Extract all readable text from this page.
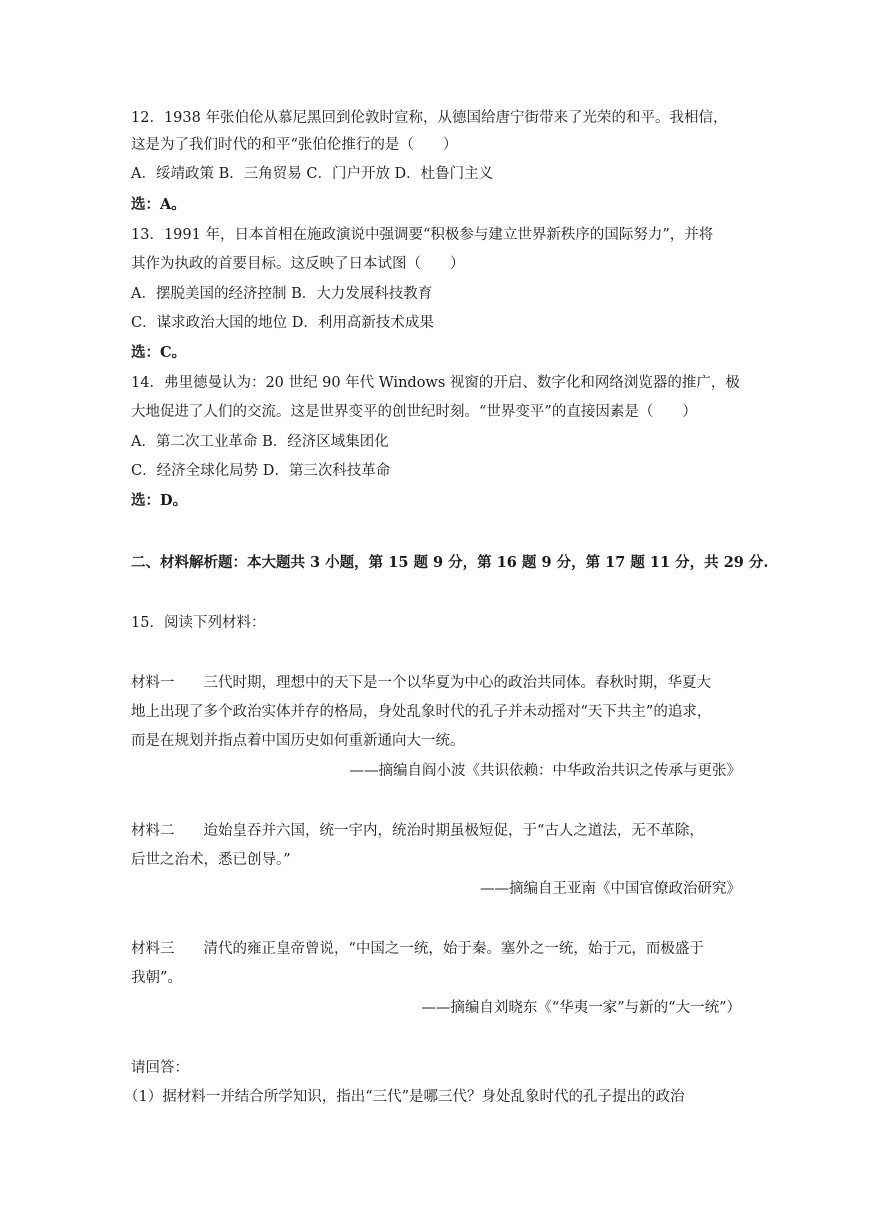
12．1938 年张伯伦从慕尼黑回到伦敦时宣称，从德国给唐宁街带来了光荣的和平。我相信，
这是为了我们时代的和平“张伯伦推行的是（　　）
A．绥靖政策 B．三角贸易 C．门户开放 D．杜鲁门主义
选：A。
13．1991 年，日本首相在施政演说中强调要“积极参与建立世界新秩序的国际努力”，并将
其作为执政的首要目标。这反映了日本试图（　　）
A．摆脱美国的经济控制 B．大力发展科技教育
C．谋求政治大国的地位 D．利用高新技术成果
选：C。
14．弗里德曼认为：20 世纪 90 年代 Windows 视窗的开启、数字化和网络浏览器的推广，极
大地促进了人们的交流。这是世界变平的创世纪时刻。“世界变平”的直接因素是（　　）
A．第二次工业革命 B．经济区域集团化
C．经济全球化局势 D．第三次科技革命
选：D。
二、材料解析题：本大题共 3 小题，第 15 题 9 分，第 16 题 9 分，第 17 题 11 分，共 29 分.
15．阅读下列材料：
材料一　　三代时期，理想中的天下是一个以华夏为中心的政治共同体。春秋时期，华夏大
地上出现了多个政治实体并存的格局，身处乱象时代的孔子并未动摇对“天下共主”的追求，
而是在规划并指点着中国历史如何重新通向大一统。
——摘编自阎小波《共识依赖：中华政治共识之传承与更张》
材料二　　迨始皇吞并六国，统一宇内，统治时期虽极短促，于“古人之道法，无不革除，
后世之治术，悉已创导。”
——摘编自王亚南《中国官僚政治研究》
材料三　　清代的雍正皇帝曾说，“中国之一统，始于秦。塞外之一统，始于元，而极盛于
我朝”。
——摘编自刘晓东《“华夷一家”与新的“大一统”）
请回答：
（1）据材料一并结合所学知识，指出“三代”是哪三代？身处乱象时代的孔子提出的政治
